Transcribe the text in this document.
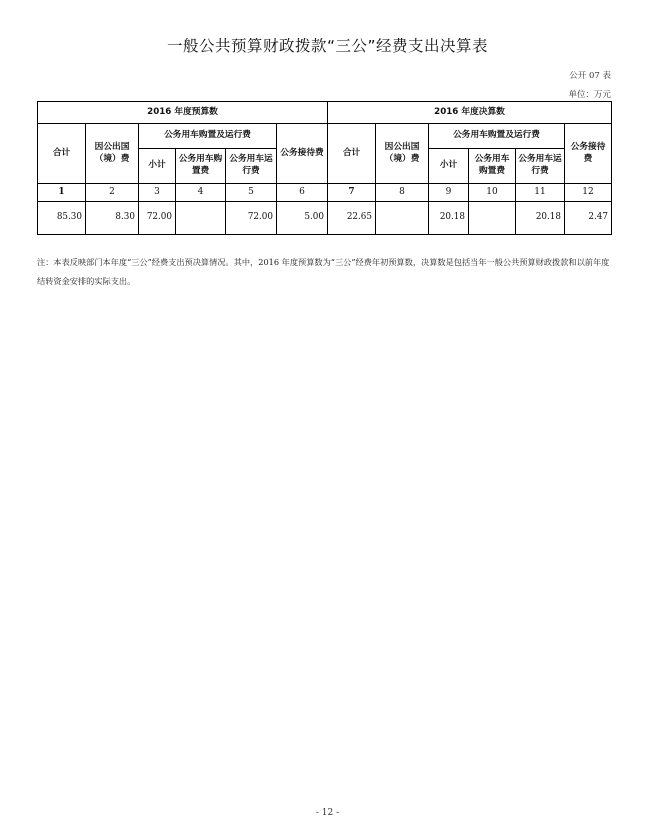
一般公共预算财政拨款“三公”经费支出决算表
公开 07 表
单位：万元
2016 年度预算数						2016 年度决算数					
合计	因公出国（境）费	公务用车购置及运行费			公务接待费	合计	因公出国（境）费	公务用车购置及运行费			公务接待费
		小计	公务用车购置费	公务用车运行费				小计	公务用车购置费	公务用车运行费	
1	2	3	4	5	6	7	8	9	10	11	12
85.30	8.30	72.00		72.00	5.00	22.65		20.18		20.18	2.47
注：本表反映部门本年度“三公”经费支出预决算情况。其中，2016 年度预算数为“三公”经费年初预算数，决算数是包括当年一般公共预算财政拨款和以前年度结转资金安排的实际支出。
- 12 -
